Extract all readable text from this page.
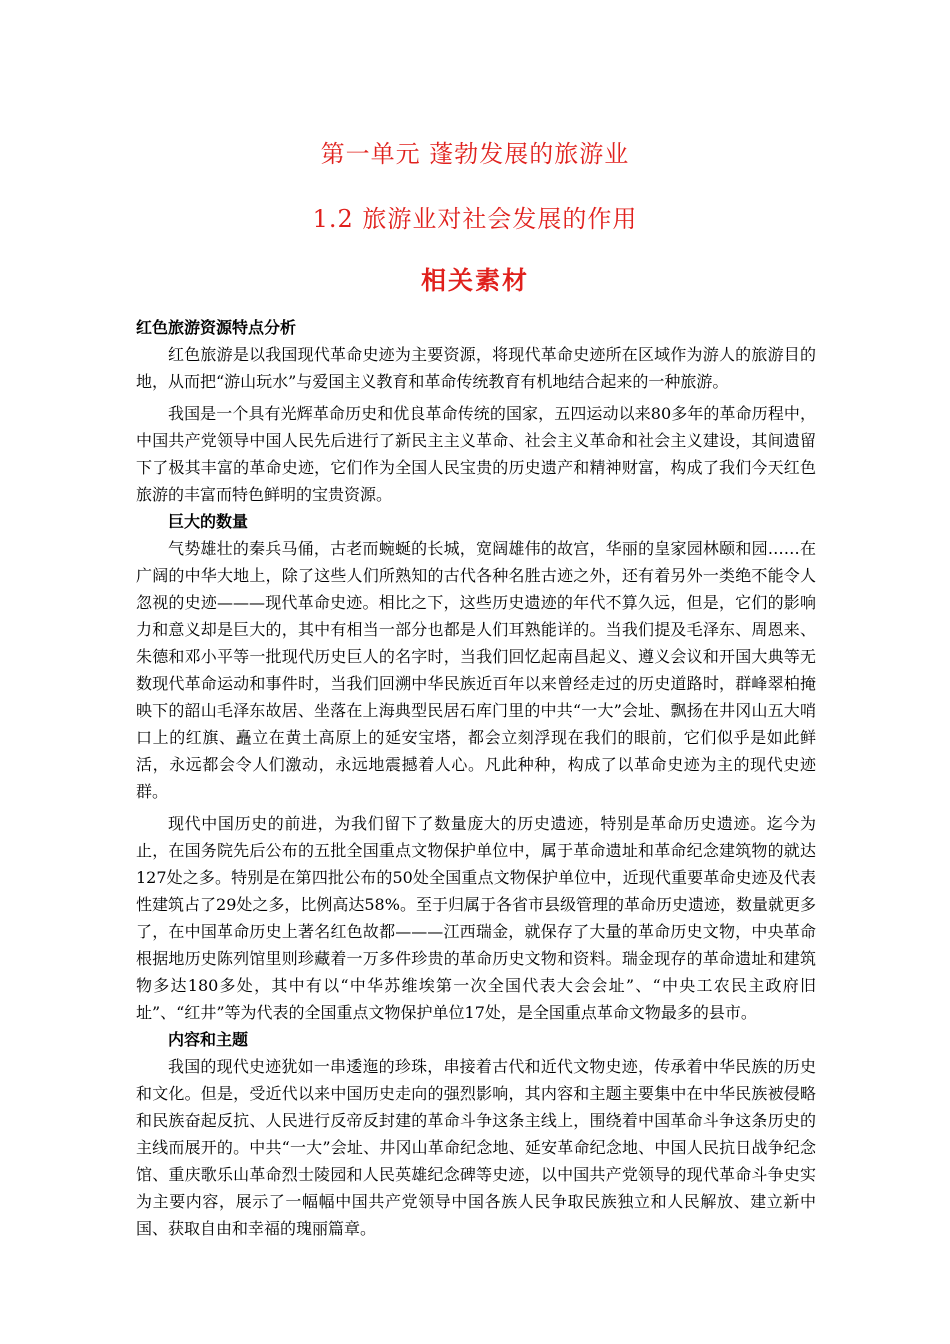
第一单元 蓬勃发展的旅游业
1.2 旅游业对社会发展的作用
相关素材

红色旅游资源特点分析

红色旅游是以我国现代革命史迹为主要资源，将现代革命史迹所在区域作为游人的旅游目的地，从而把“游山玩水”与爱国主义教育和革命传统教育有机地结合起来的一种旅游。

我国是一个具有光辉革命历史和优良革命传统的国家，五四运动以来80多年的革命历程中，中国共产党领导中国人民先后进行了新民主主义革命、社会主义革命和社会主义建设，其间遗留下了极其丰富的革命史迹，它们作为全国人民宝贵的历史遗产和精神财富，构成了我们今天红色旅游的丰富而特色鲜明的宝贵资源。

巨大的数量

气势雄壮的秦兵马俑，古老而蜿蜒的长城，宽阔雄伟的故宫，华丽的皇家园林颐和园……在广阔的中华大地上，除了这些人们所熟知的古代各种名胜古迹之外，还有着另外一类绝不能令人忽视的史迹———现代革命史迹。相比之下，这些历史遗迹的年代不算久远，但是，它们的影响力和意义却是巨大的，其中有相当一部分也都是人们耳熟能详的。当我们提及毛泽东、周恩来、朱德和邓小平等一批现代历史巨人的名字时，当我们回忆起南昌起义、遵义会议和开国大典等无数现代革命运动和事件时，当我们回溯中华民族近百年以来曾经走过的历史道路时，群峰翠柏掩映下的韶山毛泽东故居、坐落在上海典型民居石库门里的中共“一大”会址、飘扬在井冈山五大哨口上的红旗、矗立在黄土高原上的延安宝塔，都会立刻浮现在我们的眼前，它们似乎是如此鲜活，永远都会令人们激动，永远地震撼着人心。凡此种种，构成了以革命史迹为主的现代史迹群。

现代中国历史的前进，为我们留下了数量庞大的历史遗迹，特别是革命历史遗迹。迄今为止，在国务院先后公布的五批全国重点文物保护单位中，属于革命遗址和革命纪念建筑物的就达127处之多。特别是在第四批公布的50处全国重点文物保护单位中，近现代重要革命史迹及代表性建筑占了29处之多，比例高达58%。至于归属于各省市县级管理的革命历史遗迹，数量就更多了，在中国革命历史上著名红色故都———江西瑞金，就保存了大量的革命历史文物，中央革命根据地历史陈列馆里则珍藏着一万多件珍贵的革命历史文物和资料。瑞金现存的革命遗址和建筑物多达180多处，其中有以“中华苏维埃第一次全国代表大会会址”、“中央工农民主政府旧址”、“红井”等为代表的全国重点文物保护单位17处，是全国重点革命文物最多的县市。

内容和主题

我国的现代史迹犹如一串逶迤的珍珠，串接着古代和近代文物史迹，传承着中华民族的历史和文化。但是，受近代以来中国历史走向的强烈影响，其内容和主题主要集中在中华民族被侵略和民族奋起反抗、人民进行反帝反封建的革命斗争这条主线上，围绕着中国革命斗争这条历史的主线而展开的。中共“一大”会址、井冈山革命纪念地、延安革命纪念地、中国人民抗日战争纪念馆、重庆歌乐山革命烈士陵园和人民英雄纪念碑等史迹，以中国共产党领导的现代革命斗争史实为主要内容，展示了一幅幅中国共产党领导中国各族人民争取民族独立和人民解放、建立新中国、获取自由和幸福的瑰丽篇章。
